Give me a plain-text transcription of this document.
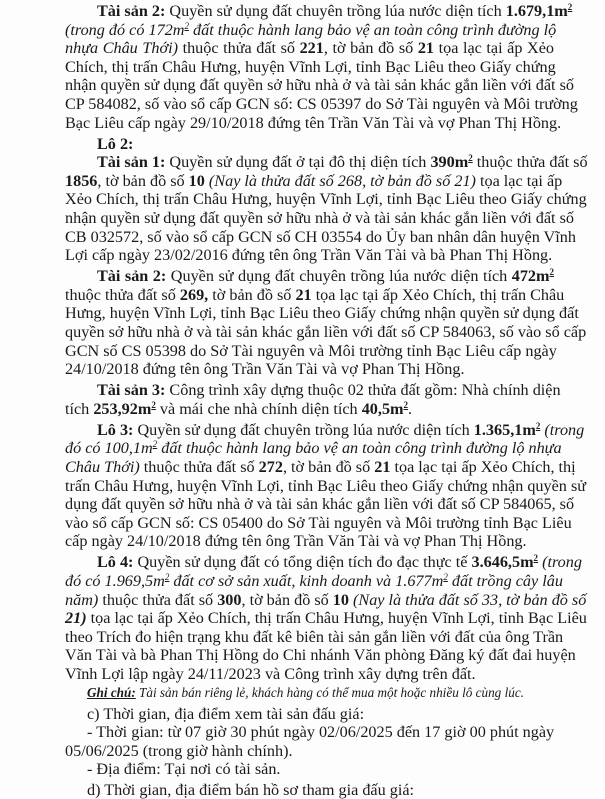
Tài sản 2: Quyền sử dụng đất chuyên trồng lúa nước diện tích $1.679,1m^2$
(trong đó có $172m^2$ đất thuộc hành lang bảo vệ an toàn công trình đường lộ
nhựa Châu Thới) thuộc thửa đất số 221, tờ bản đồ số 21 tọa lạc tại ấp Xẻo
Chích, thị trấn Châu Hưng, huyện Vĩnh Lợi, tỉnh Bạc Liêu theo Giấy chứng
nhận quyền sử dụng đất quyền sở hữu nhà ở và tài sản khác gắn liền với đất số
CP 584082, số vào sổ cấp GCN số: CS 05397 do Sở Tài nguyên và Môi trường
Bạc Liêu cấp ngày 29/10/2018 đứng tên Trần Văn Tài và vợ Phan Thị Hồng.
Lô 2:
Tài sản 1: Quyền sử dụng đất ở tại đô thị diện tích $390m^2$ thuộc thửa đất số
1856, tờ bản đồ số 10 (Nay là thửa đất số 268, tờ bản đồ số 21) tọa lạc tại ấp
Xẻo Chích, thị trấn Châu Hưng, huyện Vĩnh Lợi, tỉnh Bạc Liêu theo Giấy chứng
nhận quyền sử dụng đất quyền sở hữu nhà ở và tài sản khác gắn liền với đất số
CB 032572, số vào sổ cấp GCN số CH 03554 do Ủy ban nhân dân huyện Vĩnh
Lợi cấp ngày 23/02/2016 đứng tên ông Trần Văn Tài và bà Phan Thị Hồng.
Tài sản 2: Quyền sử dụng đất chuyên trồng lúa nước diện tích $472m^2$
thuộc thửa đất số 269, tờ bản đồ số 21 tọa lạc tại ấp Xẻo Chích, thị trấn Châu
Hưng, huyện Vĩnh Lợi, tỉnh Bạc Liêu theo Giấy chứng nhận quyền sử dụng đất
quyền sở hữu nhà ở và tài sản khác gắn liền với đất số CP 584063, số vào sổ cấp
GCN số CS 05398 do Sở Tài nguyên và Môi trường tỉnh Bạc Liêu cấp ngày
24/10/2018 đứng tên ông Trần Văn Tài và vợ Phan Thị Hồng.
Tài sản 3: Công trình xây dựng thuộc 02 thửa đất gồm: Nhà chính diện
tích $253,92m^2$ và mái che nhà chính diện tích $40,5m^2$.
Lô 3: Quyền sử dụng đất chuyên trồng lúa nước diện tích $1.365,1m^2$ (trong
đó có $100,1m^2$ đất thuộc hành lang bảo vệ an toàn công trình đường lộ nhựa
Châu Thới) thuộc thửa đất số 272, tờ bản đồ số 21 tọa lạc tại ấp Xẻo Chích, thị
trấn Châu Hưng, huyện Vĩnh Lợi, tỉnh Bạc Liêu theo Giấy chứng nhận quyền sử
dụng đất quyền sở hữu nhà ở và tài sản khác gắn liền với đất số CP 584065, số
vào sổ cấp GCN số: CS 05400 do Sở Tài nguyên và Môi trường tỉnh Bạc Liêu
cấp ngày 24/10/2018 đứng tên ông Trần Văn Tài và vợ Phan Thị Hồng.
Lô 4: Quyền sử dụng đất có tổng diện tích đo đạc thực tế $3.646,5m^2$ (trong
đó có $1.969,5m^2$ đất cơ sở sản xuất, kinh doanh và $1.677m^2$ đất trồng cây lâu
năm) thuộc thửa đất số 300, tờ bản đồ số 10 (Nay là thửa đất số 33, tờ bản đồ số
21) tọa lạc tại ấp Xẻo Chích, thị trấn Châu Hưng, huyện Vĩnh Lợi, tỉnh Bạc Liêu
theo Trích đo hiện trạng khu đất kê biên tài sản gắn liền với đất của ông Trần
Văn Tài và bà Phan Thị Hồng do Chi nhánh Văn phòng Đăng ký đất đai huyện
Vĩnh Lợi lập ngày 24/11/2023 và Công trình xây dựng trên đất.
Ghi chú: Tài sản bán riêng lẻ, khách hàng có thể mua một hoặc nhiều lô cùng lúc.
c) Thời gian, địa điểm xem tài sản đấu giá:
- Thời gian: từ 07 giờ 30 phút ngày 02/06/2025 đến 17 giờ 00 phút ngày
05/06/2025 (trong giờ hành chính).
- Địa điểm: Tại nơi có tài sản.
d) Thời gian, địa điểm bán hồ sơ tham gia đấu giá:
